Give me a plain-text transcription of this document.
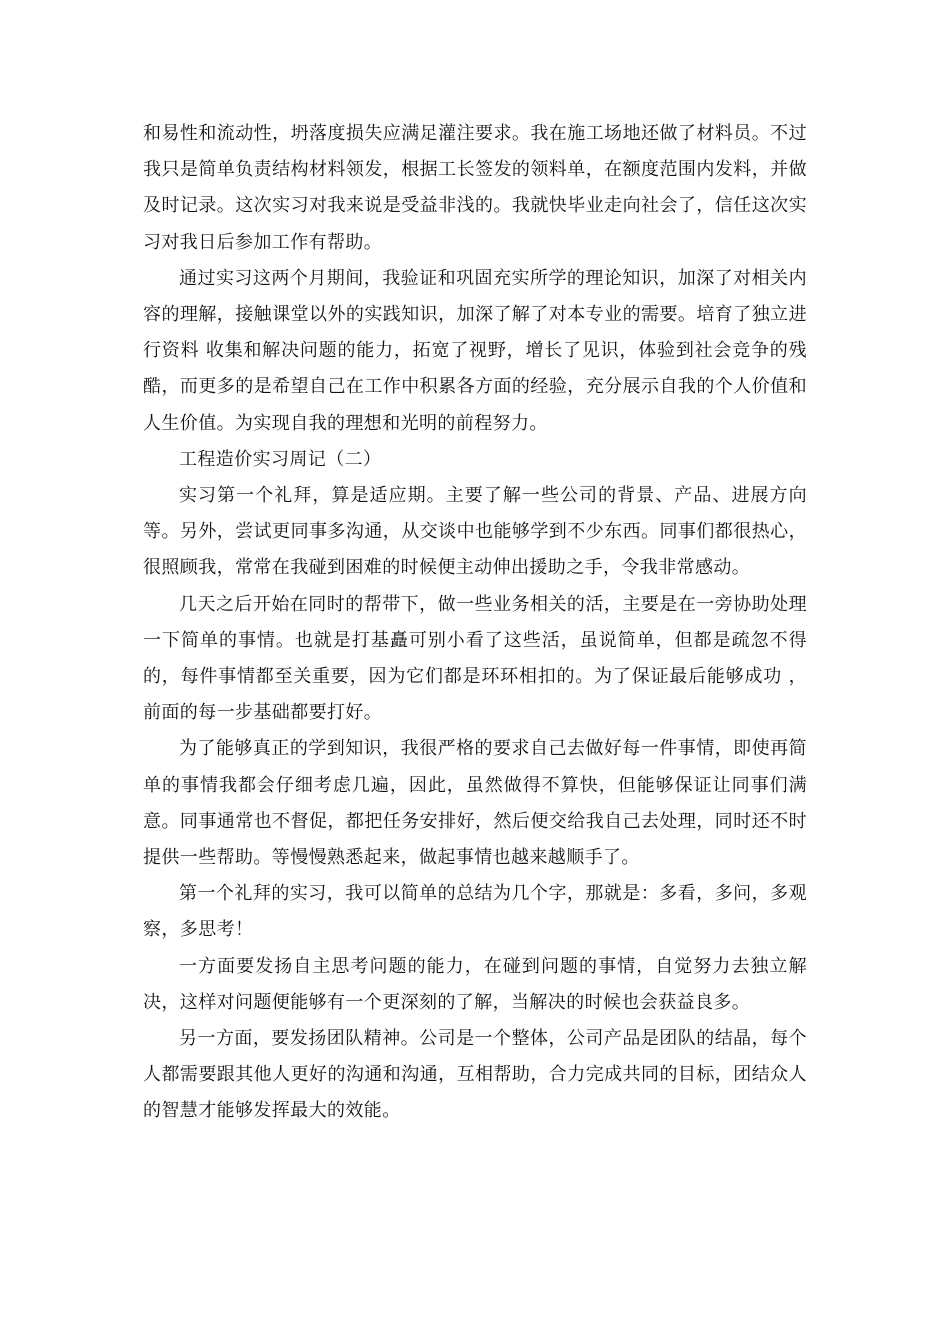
和易性和流动性，坍落度损失应满足灌注要求。我在施工场地还做了材料员。不过我只是简单负责结构材料领发，根据工长签发的领料单，在额度范围内发料，并做及时记录。这次实习对我来说是受益非浅的。我就快毕业走向社会了，信任这次实习对我日后参加工作有帮助。

通过实习这两个月期间，我验证和巩固充实所学的理论知识，加深了对相关内容的理解，接触课堂以外的实践知识，加深了解了对本专业的需要。培育了独立进行资料 收集和解决问题的能力，拓宽了视野，增长了见识，体验到社会竞争的残酷，而更多的是希望自己在工作中积累各方面的经验，充分展示自我的个人价值和人生价值。为实现自我的理想和光明的前程努力。

工程造价实习周记（二）

实习第一个礼拜，算是适应期。主要了解一些公司的背景、产品、进展方向等。另外，尝试更同事多沟通，从交谈中也能够学到不少东西。同事们都很热心，很照顾我，常常在我碰到困难的时候便主动伸出援助之手，令我非常感动。

几天之后开始在同时的帮带下，做一些业务相关的活，主要是在一旁协助处理一下简单的事情。也就是打基矗可别小看了这些活，虽说简单，但都是疏忽不得的，每件事情都至关重要，因为它们都是环环相扣的。为了保证最后能够成功 ，前面的每一步基础都要打好。

为了能够真正的学到知识，我很严格的要求自己去做好每一件事情，即使再简单的事情我都会仔细考虑几遍，因此，虽然做得不算快，但能够保证让同事们满意。同事通常也不督促，都把任务安排好，然后便交给我自己去处理，同时还不时提供一些帮助。等慢慢熟悉起来，做起事情也越来越顺手了。

第一个礼拜的实习，我可以简单的总结为几个字，那就是：多看，多问，多观察，多思考！

一方面要发扬自主思考问题的能力，在碰到问题的事情，自觉努力去独立解决，这样对问题便能够有一个更深刻的了解，当解决的时候也会获益良多。

另一方面，要发扬团队精神。公司是一个整体，公司产品是团队的结晶，每个人都需要跟其他人更好的沟通和沟通，互相帮助，合力完成共同的目标，团结众人的智慧才能够发挥最大的效能。
